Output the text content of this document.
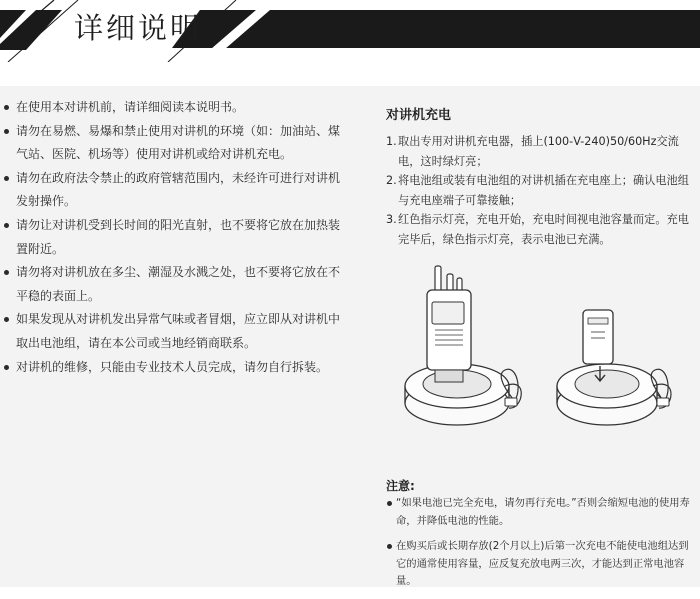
详细说明
在使用本对讲机前，请详细阅读本说明书。
请勿在易燃、易爆和禁止使用对讲机的环境（如：加油站、煤气站、医院、机场等）使用对讲机或给对讲机充电。
请勿在政府法令禁止的政府管辖范围内，未经许可进行对讲机发射操作。
请勿让对讲机受到长时间的阳光直射，也不要将它放在加热装置附近。
请勿将对讲机放在多尘、潮湿及水溅之处，也不要将它放在不平稳的表面上。
如果发现从对讲机发出异常气味或者冒烟，应立即从对讲机中取出电池组，请在本公司或当地经销商联系。
对讲机的维修，只能由专业技术人员完成，请勿自行拆装。
对讲机充电
1. 取出专用对讲机充电器，插上(100-V-240)50/60Hz交流电，这时绿灯亮；
2. 将电池组或装有电池组的对讲机插在充电座上；确认电池组与充电座端子可靠接触；
3. 红色指示灯亮，充电开始，充电时间视电池容量而定。充电完毕后，绿色指示灯亮，表示电池已充满。
注意:
“如果电池已完全充电，请勿再行充电。”否则会缩短电池的使用寿命，并降低电池的性能。
在购买后或长期存放(2个月以上)后第一次充电不能使电池组达到它的通常使用容量，应反复充放电两三次，才能达到正常电池容量。
